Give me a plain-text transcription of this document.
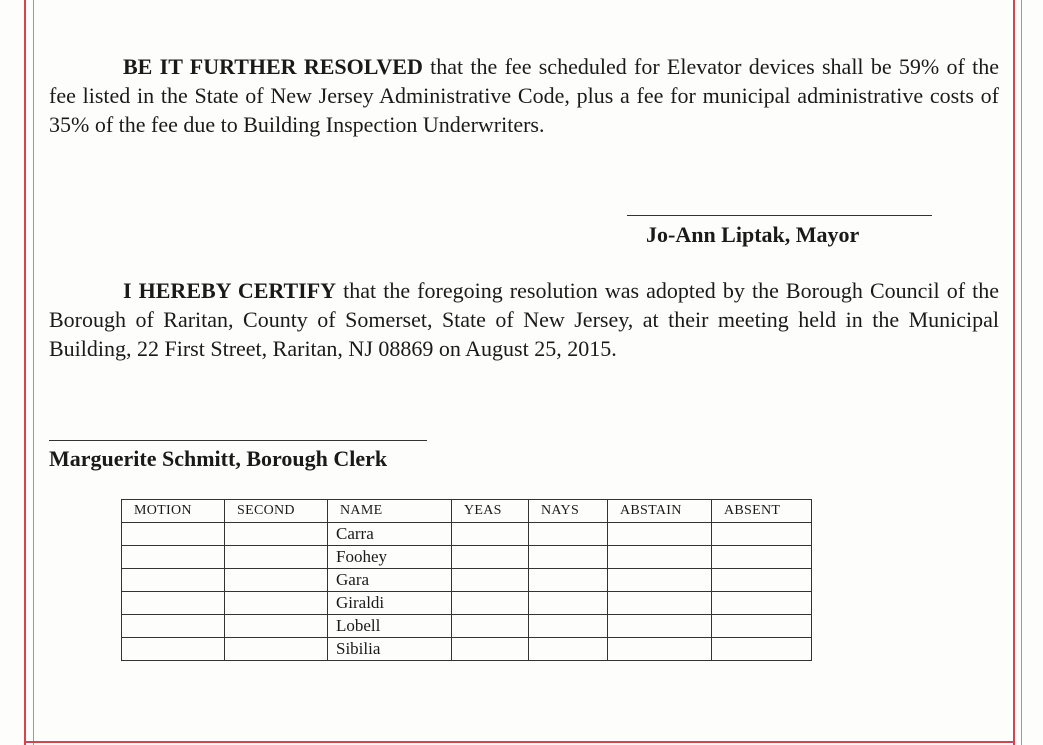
BE IT FURTHER RESOLVED that the fee scheduled for Elevator devices shall be 59% of the fee listed in the State of New Jersey Administrative Code, plus a fee for municipal administrative costs of 35% of the fee due to Building Inspection Underwriters.
Jo-Ann Liptak, Mayor
I HEREBY CERTIFY that the foregoing resolution was adopted by the Borough Council of the Borough of Raritan, County of Somerset, State of New Jersey, at their meeting held in the Municipal Building, 22 First Street, Raritan, NJ 08869 on August 25, 2015.
Marguerite Schmitt, Borough Clerk
MOTION	SECOND	NAME	YEAS	NAYS	ABSTAIN	ABSENT
		Carra				
		Foohey				
		Gara				
		Giraldi				
		Lobell				
		Sibilia				
